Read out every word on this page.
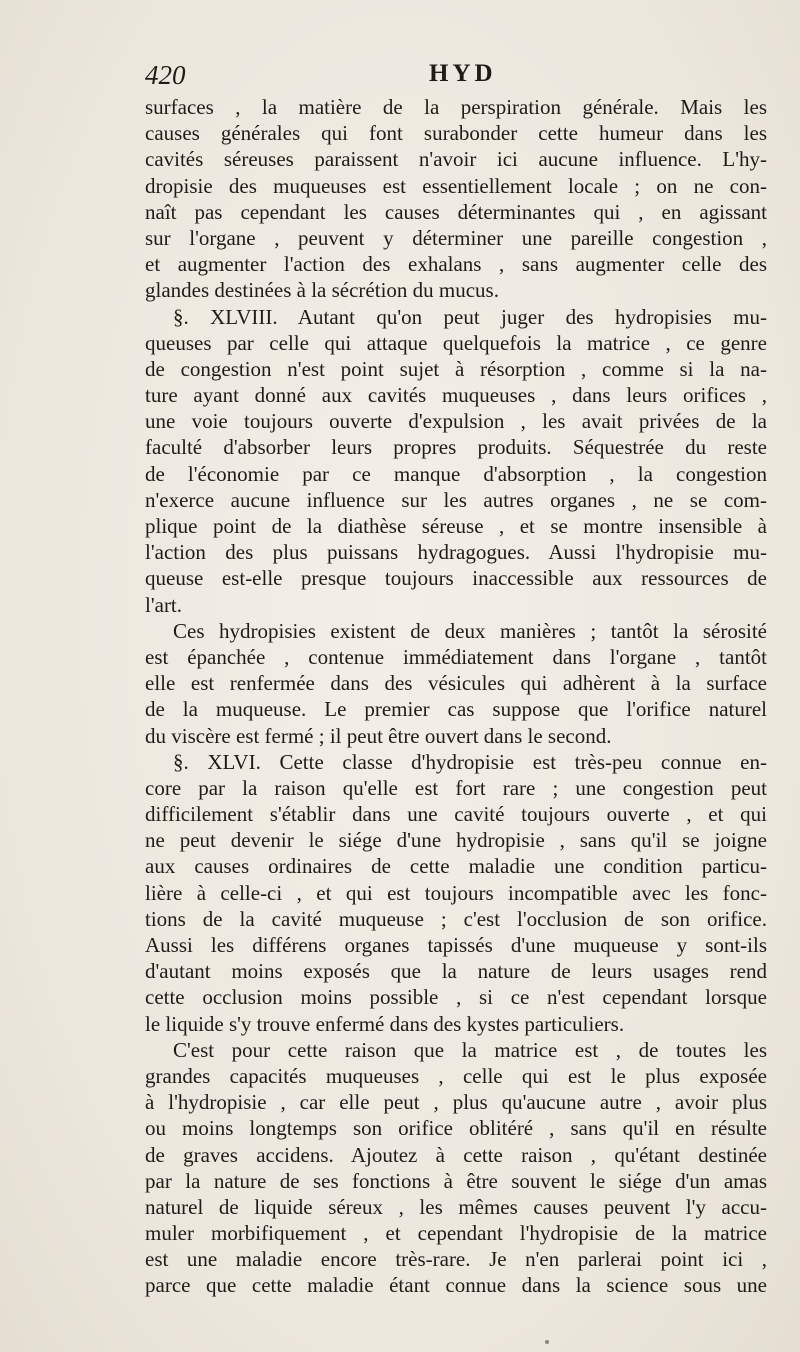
420	HYD
surfaces , la matière de la perspiration générale. Mais les
causes générales qui font surabonder cette humeur dans les
cavités séreuses paraissent n'avoir ici aucune influence. L'hy-
dropisie des muqueuses est essentiellement locale ; on ne con-
naît pas cependant les causes déterminantes qui , en agissant
sur l'organe , peuvent y déterminer une pareille congestion ,
et augmenter l'action des exhalans , sans augmenter celle des
glandes destinées à la sécrétion du mucus.
§. XLVIII. Autant qu'on peut juger des hydropisies mu-
queuses par celle qui attaque quelquefois la matrice , ce genre
de congestion n'est point sujet à résorption , comme si la na-
ture ayant donné aux cavités muqueuses , dans leurs orifices ,
une voie toujours ouverte d'expulsion , les avait privées de la
faculté d'absorber leurs propres produits. Séquestrée du reste
de l'économie par ce manque d'absorption , la congestion
n'exerce aucune influence sur les autres organes , ne se com-
plique point de la diathèse séreuse , et se montre insensible à
l'action des plus puissans hydragogues. Aussi l'hydropisie mu-
queuse est-elle presque toujours inaccessible aux ressources de
l'art.
Ces hydropisies existent de deux manières ; tantôt la sérosité
est épanchée , contenue immédiatement dans l'organe , tantôt
elle est renfermée dans des vésicules qui adhèrent à la surface
de la muqueuse. Le premier cas suppose que l'orifice naturel
du viscère est fermé ; il peut être ouvert dans le second.
§. XLVI. Cette classe d'hydropisie est très-peu connue en-
core par la raison qu'elle est fort rare ; une congestion peut
difficilement s'établir dans une cavité toujours ouverte , et qui
ne peut devenir le siége d'une hydropisie , sans qu'il se joigne
aux causes ordinaires de cette maladie une condition particu-
lière à celle-ci , et qui est toujours incompatible avec les fonc-
tions de la cavité muqueuse ; c'est l'occlusion de son orifice.
Aussi les différens organes tapissés d'une muqueuse y sont-ils
d'autant moins exposés que la nature de leurs usages rend
cette occlusion moins possible , si ce n'est cependant lorsque
le liquide s'y trouve enfermé dans des kystes particuliers.
C'est pour cette raison que la matrice est , de toutes les
grandes capacités muqueuses , celle qui est le plus exposée
à l'hydropisie , car elle peut , plus qu'aucune autre , avoir plus
ou moins longtemps son orifice oblitéré , sans qu'il en résulte
de graves accidens. Ajoutez à cette raison , qu'étant destinée
par la nature de ses fonctions à être souvent le siége d'un amas
naturel de liquide séreux , les mêmes causes peuvent l'y accu-
muler morbifiquement , et cependant l'hydropisie de la matrice
est une maladie encore très-rare. Je n'en parlerai point ici ,
parce que cette maladie étant connue dans la science sous une
